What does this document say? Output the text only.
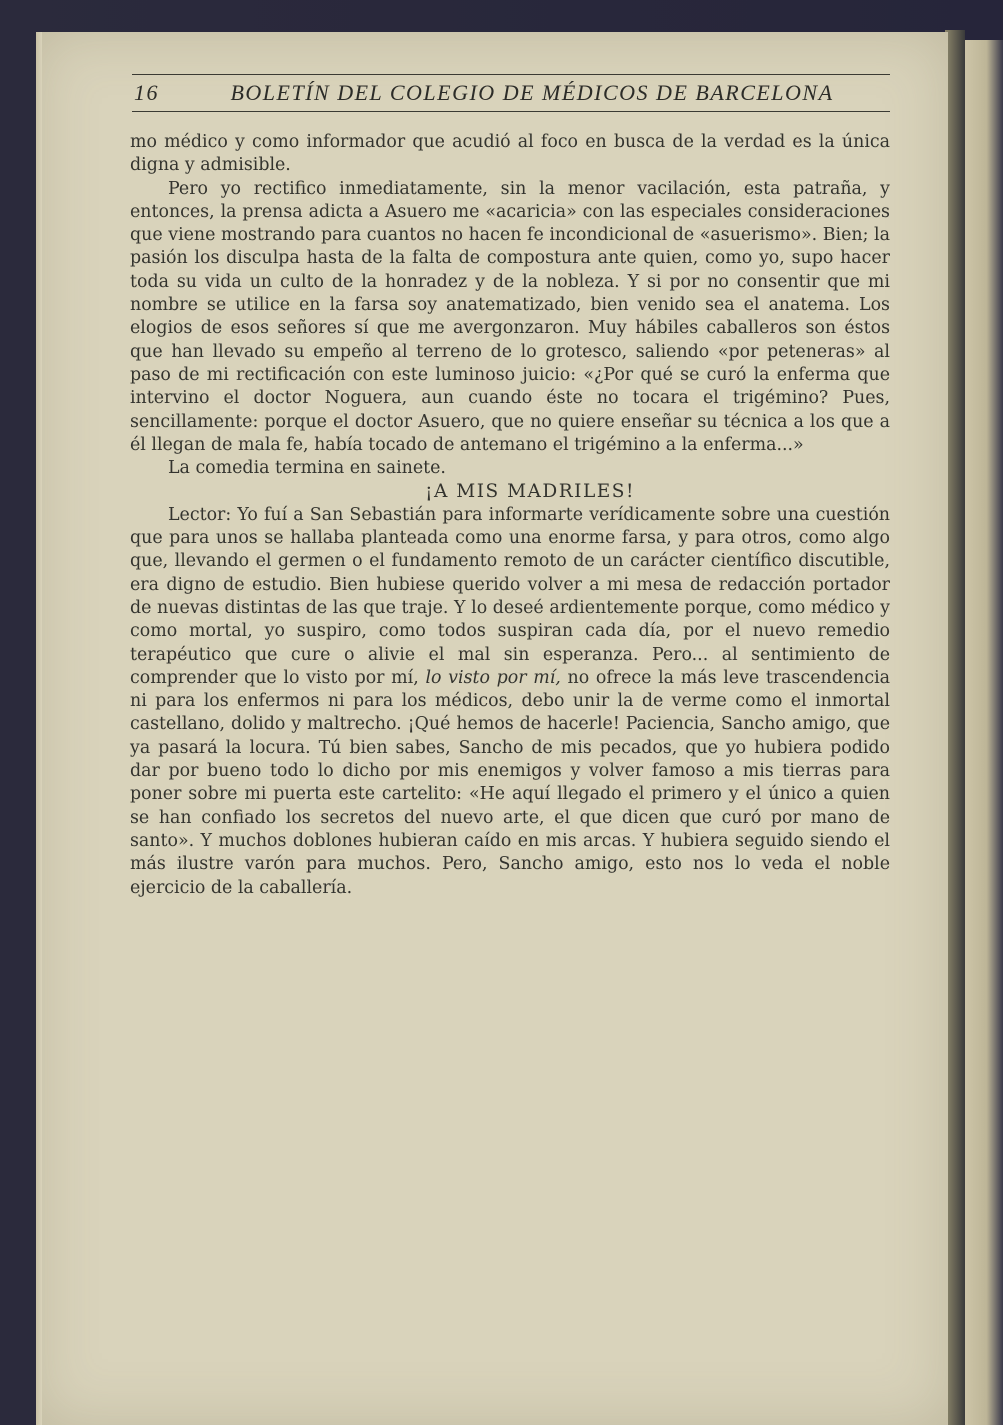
16	BOLETÍN DEL COLEGIO DE MÉDICOS DE BARCELONA

mo médico y como informador que acudió al foco en busca de la verdad es la única digna y admisible.

Pero yo rectifico inmediatamente, sin la menor vacilación, esta patraña, y entonces, la prensa adicta a Asuero me «acaricia» con las especiales consideraciones que viene mostrando para cuantos no hacen fe incondicional de «asuerismo». Bien; la pasión los disculpa hasta de la falta de compostura ante quien, como yo, supo hacer toda su vida un culto de la honradez y de la nobleza. Y si por no consentir que mi nombre se utilice en la farsa soy anatematizado, bien venido sea el anatema. Los elogios de esos señores sí que me avergonzaron. Muy hábiles caballeros son éstos que han llevado su empeño al terreno de lo grotesco, saliendo «por peteneras» al paso de mi rectificación con este luminoso juicio: «¿Por qué se curó la enferma que intervino el doctor Noguera, aun cuando éste no tocara el trigémino? Pues, sencillamente: porque el doctor Asuero, que no quiere enseñar su técnica a los que a él llegan de mala fe, había tocado de antemano el trigémino a la enferma...»

La comedia termina en sainete.

¡A MIS MADRILES!

Lector: Yo fuí a San Sebastián para informarte verídicamente sobre una cuestión que para unos se hallaba planteada como una enorme farsa, y para otros, como algo que, llevando el germen o el fundamento remoto de un carácter científico discutible, era digno de estudio. Bien hubiese querido volver a mi mesa de redacción portador de nuevas distintas de las que traje. Y lo deseé ardientemente porque, como médico y como mortal, yo suspiro, como todos suspiran cada día, por el nuevo remedio terapéutico que cure o alivie el mal sin esperanza. Pero... al sentimiento de comprender que lo visto por mí, lo visto por mí, no ofrece la más leve trascendencia ni para los enfermos ni para los médicos, debo unir la de verme como el inmortal castellano, dolido y maltrecho. ¡Qué hemos de hacerle! Paciencia, Sancho amigo, que ya pasará la locura. Tú bien sabes, Sancho de mis pecados, que yo hubiera podido dar por bueno todo lo dicho por mis enemigos y volver famoso a mis tierras para poner sobre mi puerta este cartelito: «He aquí llegado el primero y el único a quien se han confiado los secretos del nuevo arte, el que dicen que curó por mano de santo». Y muchos doblones hubieran caído en mis arcas. Y hubiera seguido siendo el más ilustre varón para muchos. Pero, Sancho amigo, esto nos lo veda el noble ejercicio de la caballería.
